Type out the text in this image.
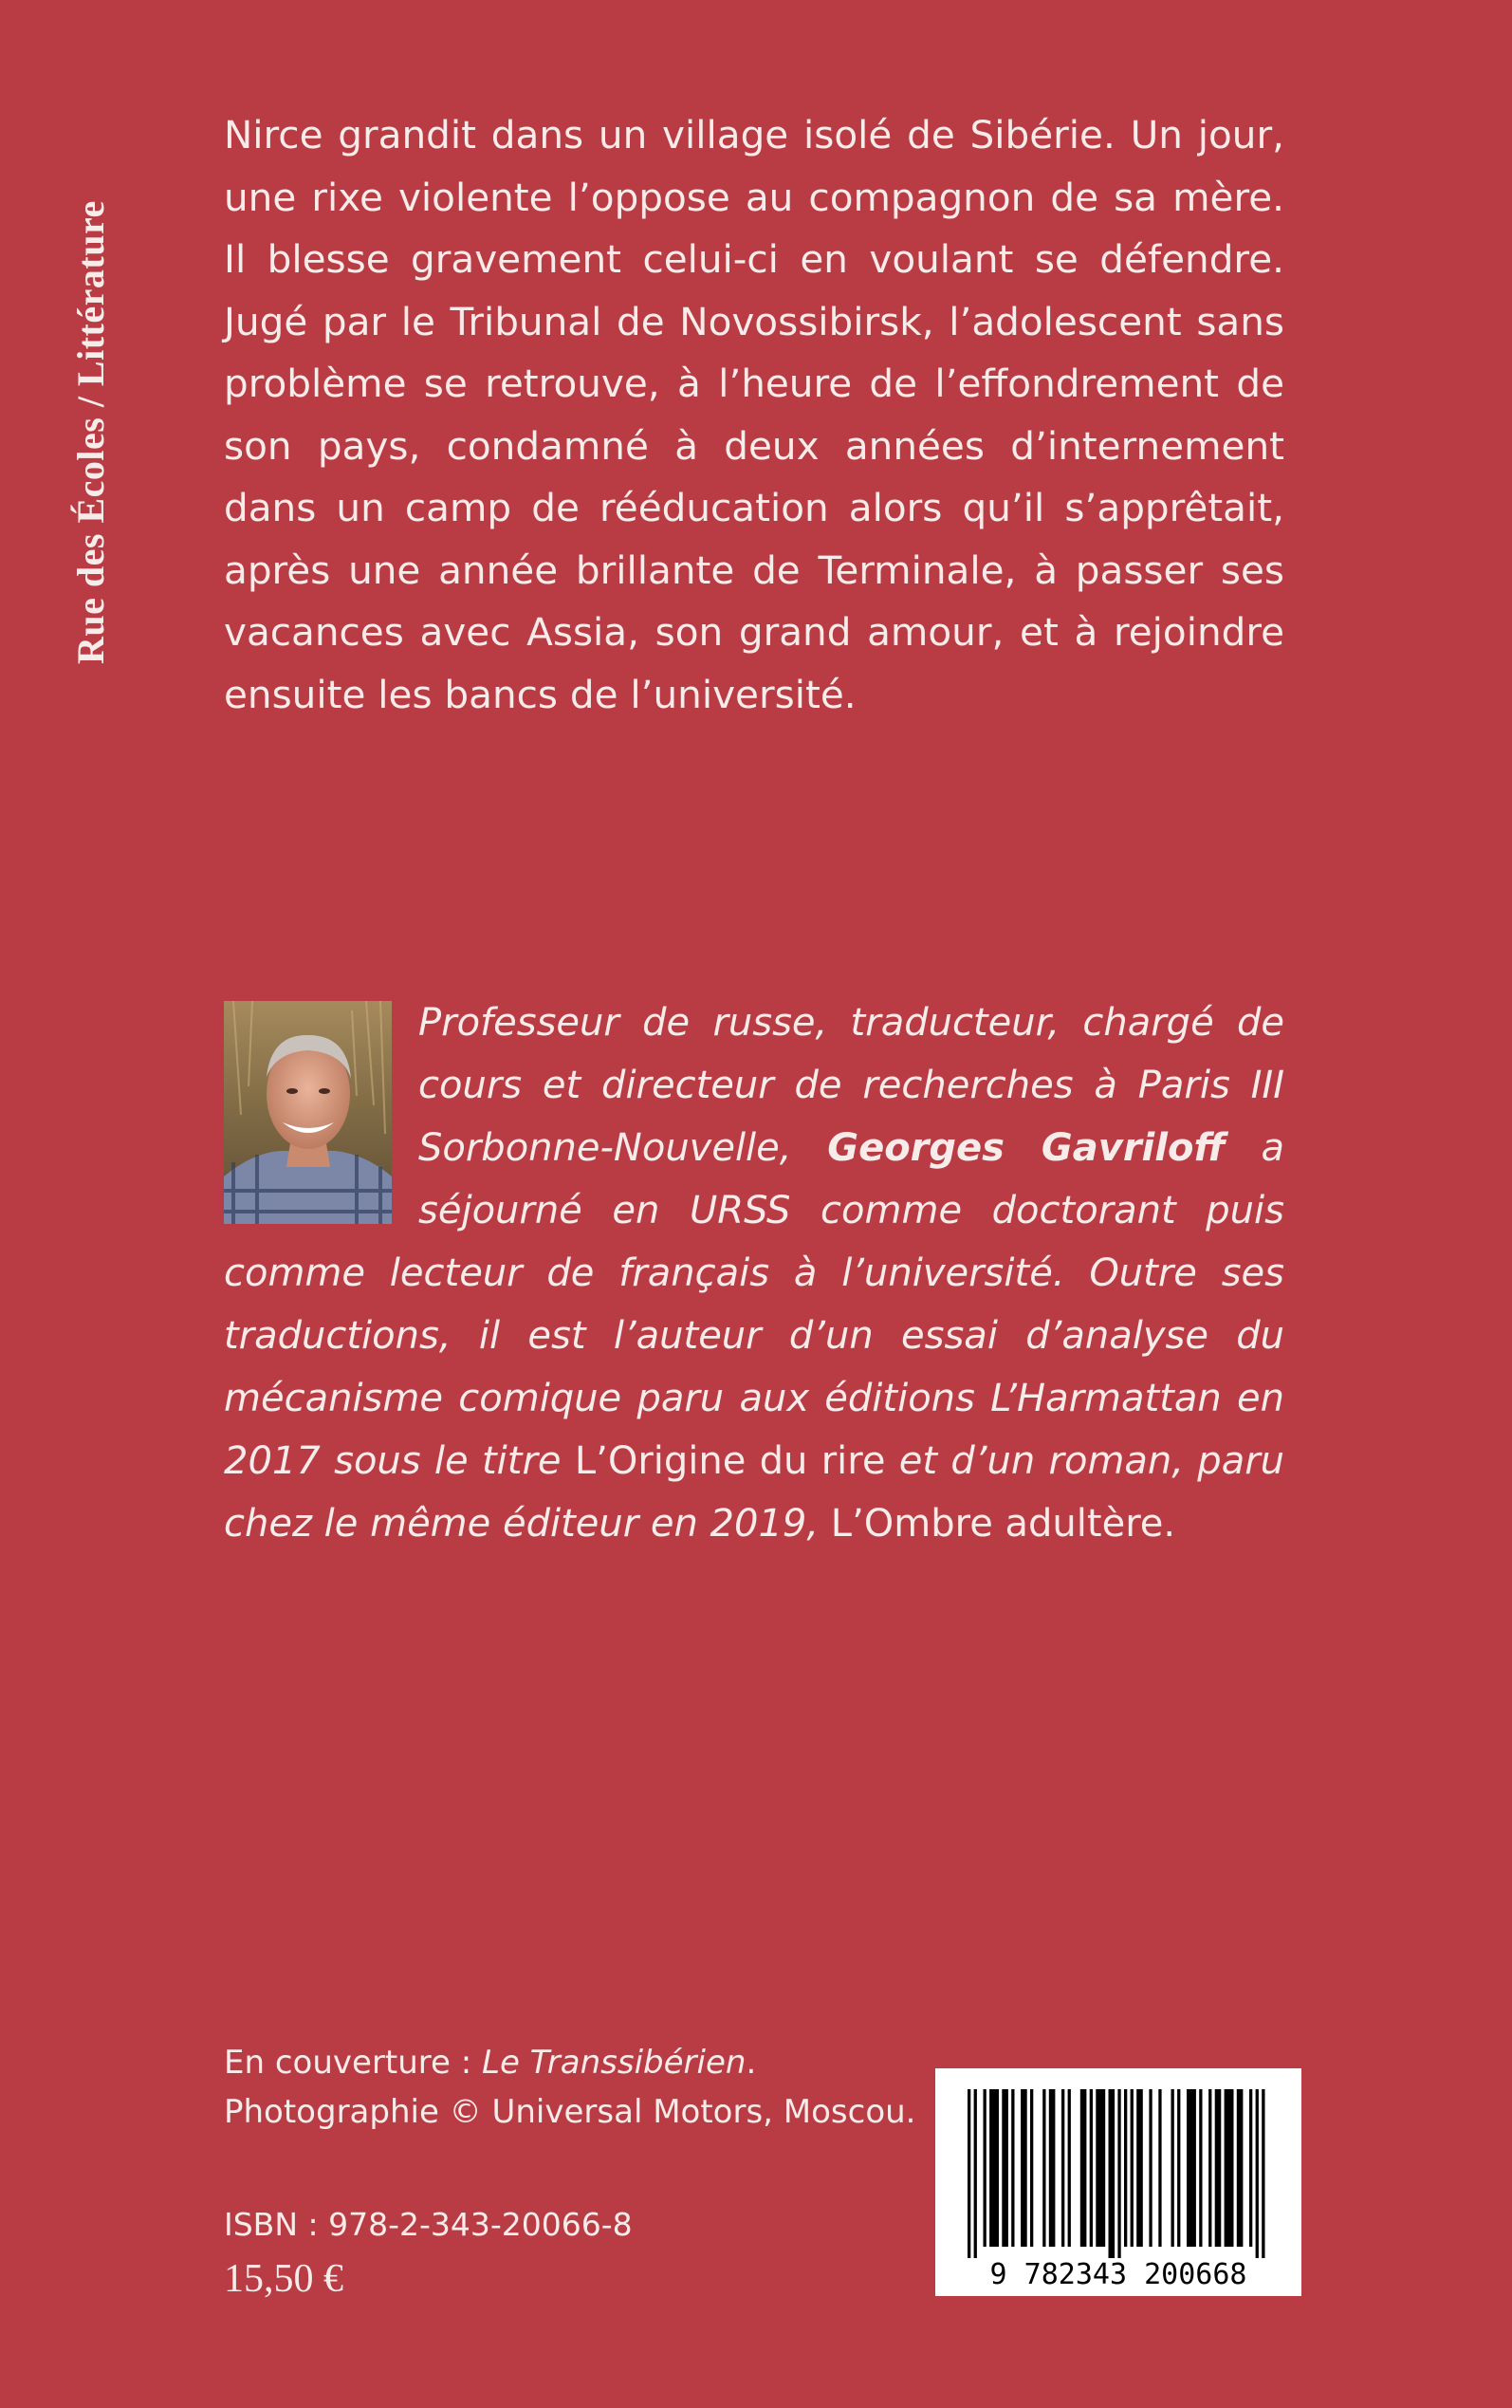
Rue des Écoles / Littérature

Nirce grandit dans un village isolé de Sibérie. Un jour, une rixe violente l’oppose au compagnon de sa mère. Il blesse gravement celui-ci en voulant se défendre. Jugé par le Tribunal de Novossibirsk, l’adolescent sans problème se retrouve, à l’heure de l’effondrement de son pays, condamné à deux années d’internement dans un camp de rééducation alors qu’il s’apprêtait, après une année brillante de Terminale, à passer ses vacances avec Assia, son grand amour, et à rejoindre ensuite les bancs de l’université.

Professeur de russe, traducteur, chargé de cours et directeur de recherches à Paris III Sorbonne-Nouvelle, Georges Gavriloff a séjourné en URSS comme doctorant puis comme lecteur de français à l’université. Outre ses traductions, il est l’auteur d’un essai d’analyse du mécanisme comique paru aux éditions L’Harmattan en 2017 sous le titre L’Origine du rire et d’un roman, paru chez le même éditeur en 2019, L’Ombre adultère.

En couverture : Le Transsibérien.

Photographie © Universal Motors, Moscou.

ISBN : 978-2-343-20066-8

15,50 €	9 782343 200668
